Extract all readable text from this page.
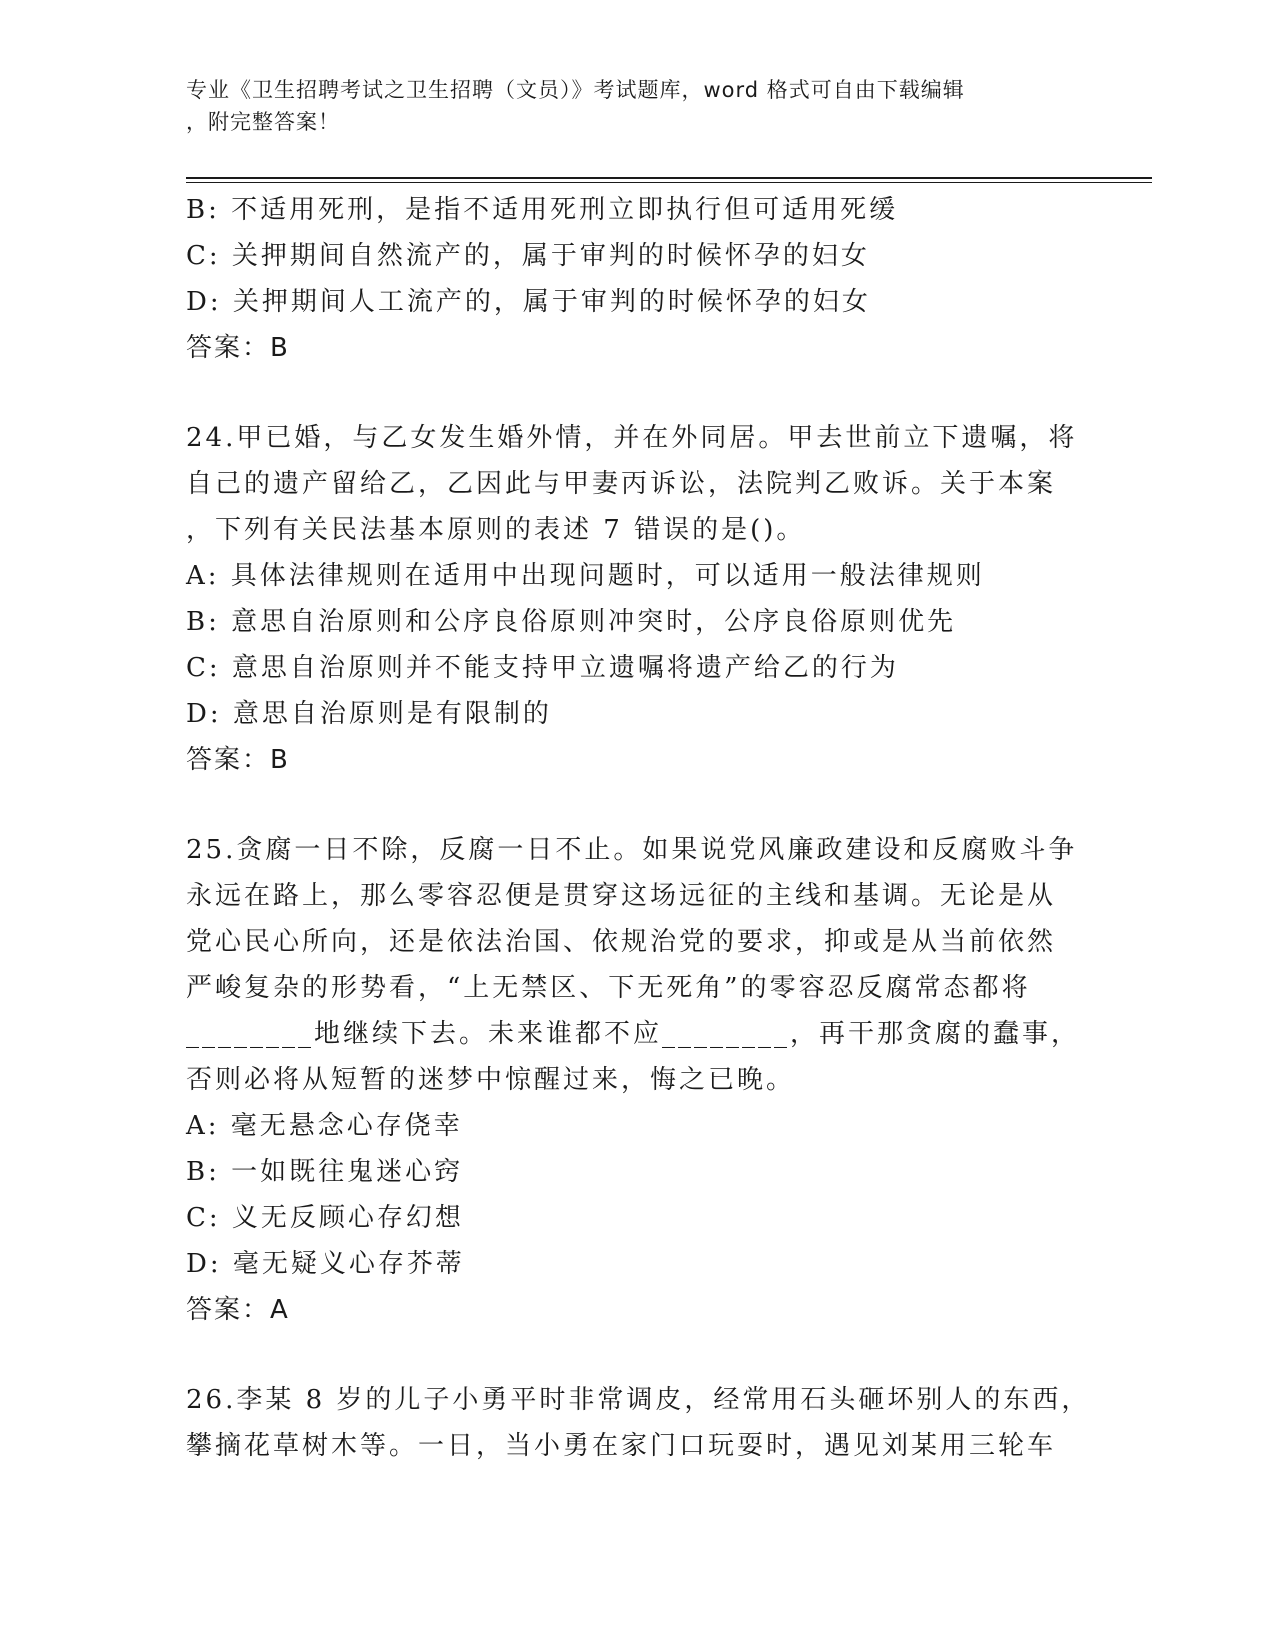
专业《卫生招聘考试之卫生招聘（文员）》考试题库，word 格式可自由下载编辑
，附完整答案！
B: 不适用死刑，是指不适用死刑立即执行但可适用死缓
C: 关押期间自然流产的，属于审判的时候怀孕的妇女
D: 关押期间人工流产的，属于审判的时候怀孕的妇女
答案：B
24.甲已婚，与乙女发生婚外情，并在外同居。甲去世前立下遗嘱，将
自己的遗产留给乙，乙因此与甲妻丙诉讼，法院判乙败诉。关于本案
，下列有关民法基本原则的表述 7 错误的是()。
A: 具体法律规则在适用中出现问题时，可以适用一般法律规则
B: 意思自治原则和公序良俗原则冲突时，公序良俗原则优先
C: 意思自治原则并不能支持甲立遗嘱将遗产给乙的行为
D: 意思自治原则是有限制的
答案：B
25.贪腐一日不除，反腐一日不止。如果说党风廉政建设和反腐败斗争
永远在路上，那么零容忍便是贯穿这场远征的主线和基调。无论是从
党心民心所向，还是依法治国、依规治党的要求，抑或是从当前依然
严峻复杂的形势看，“上无禁区、下无死角”的零容忍反腐常态都将
________地继续下去。未来谁都不应________，再干那贪腐的蠢事，
否则必将从短暂的迷梦中惊醒过来，悔之已晚。
A: 毫无悬念心存侥幸
B: 一如既往鬼迷心窍
C: 义无反顾心存幻想
D: 毫无疑义心存芥蒂
答案：A
26.李某 8 岁的儿子小勇平时非常调皮，经常用石头砸坏别人的东西，
攀摘花草树木等。一日，当小勇在家门口玩耍时，遇见刘某用三轮车
